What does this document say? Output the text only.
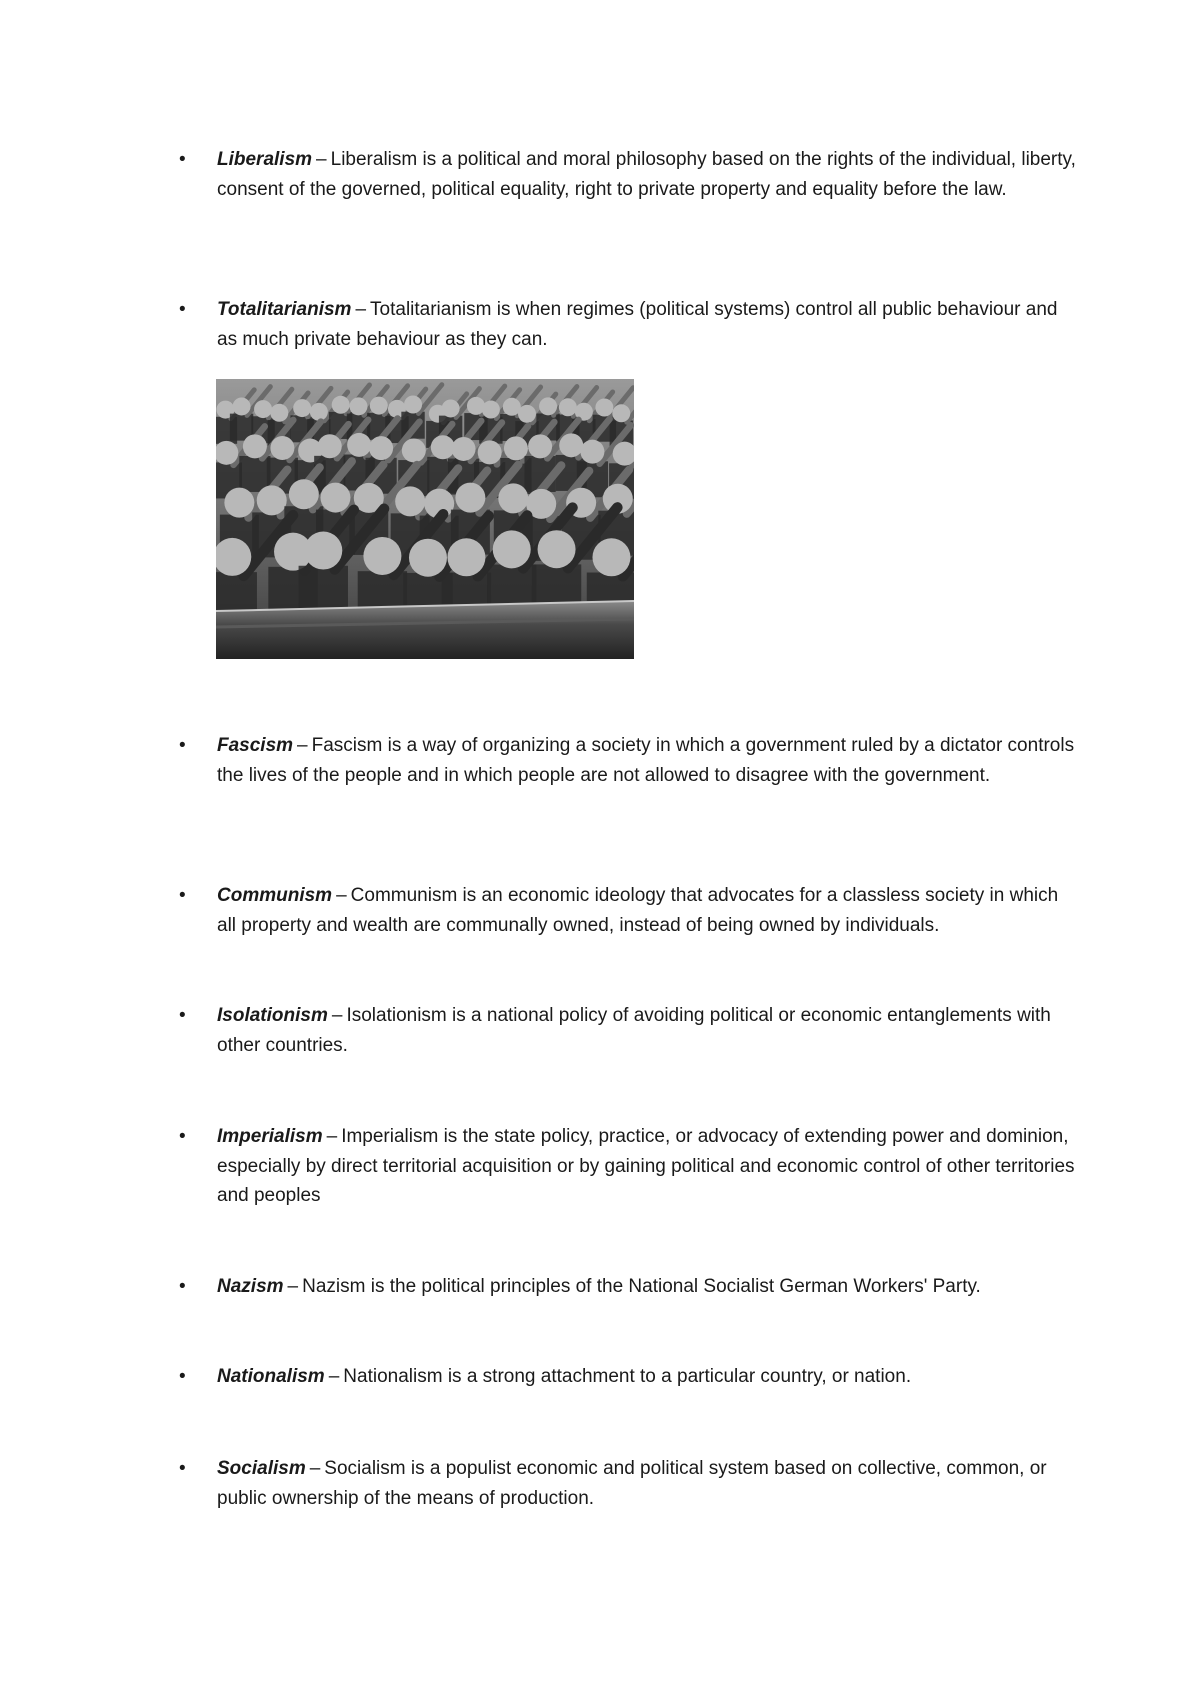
•	Liberalism – Liberalism is a political and moral philosophy based on the rights of the individual, liberty, consent of the governed, political equality, right to private property and equality before the law.
•	Totalitarianism – Totalitarianism is when regimes (political systems) control all public behaviour and as much private behaviour as they can.
•	Fascism – Fascism is a way of organizing a society in which a government ruled by a dictator controls the lives of the people and in which people are not allowed to disagree with the government.
•	Communism – Communism is an economic ideology that advocates for a classless society in which all property and wealth are communally owned, instead of being owned by individuals.
•	Isolationism – Isolationism is a national policy of avoiding political or economic entanglements with other countries.
•	Imperialism – Imperialism is the state policy, practice, or advocacy of extending power and dominion, especially by direct territorial acquisition or by gaining political and economic control of other territories and peoples
•	Nazism – Nazism is the political principles of the National Socialist German Workers' Party.
•	Nationalism – Nationalism is a strong attachment to a particular country, or nation.
•	Socialism – Socialism is a populist economic and political system based on collective, common, or public ownership of the means of production.
